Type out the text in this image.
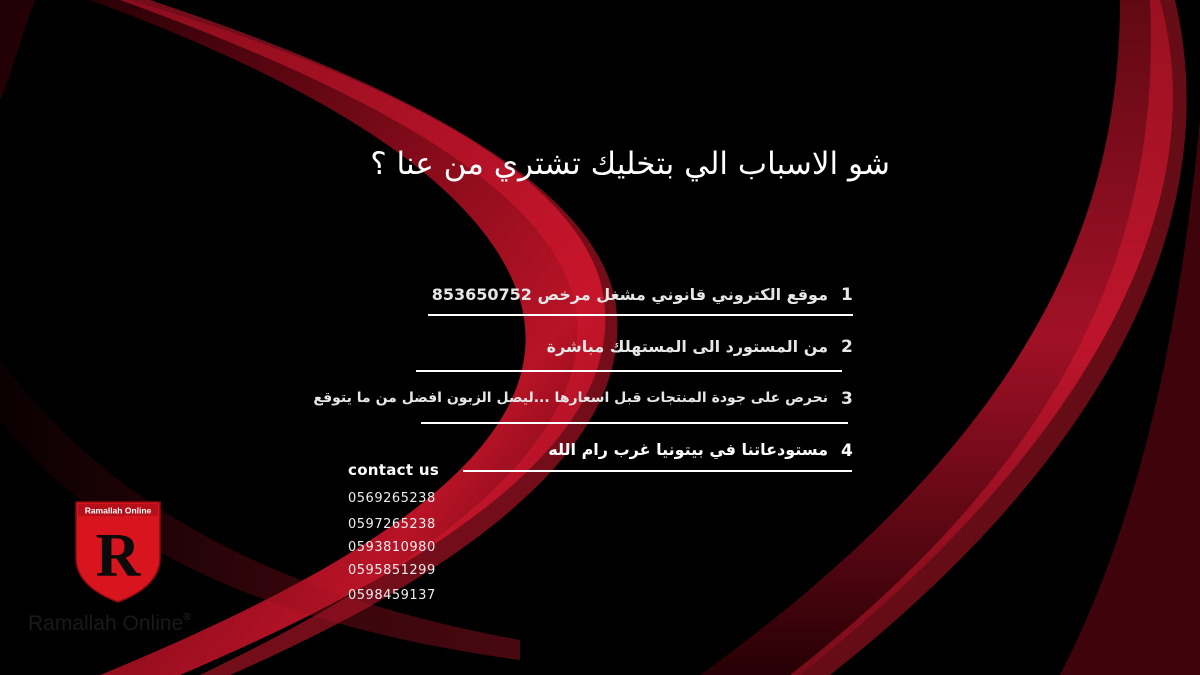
شو الاسباب الي بتخليك تشتري من عنا ؟
1
موقع الكتروني قانوني مشغل مرخص 853650752
2
من المستورد الى المستهلك مباشرة
3
نحرص على جودة المنتجات قبل اسعارها ...ليصل الزبون افضل من ما يتوقع
4
مستودعاتنا في بيتونيا غرب رام الله
contact us
0569265238
0597265238
0593810980
0595851299
0598459137
Ramallah Online
R
Ramallah Online®
